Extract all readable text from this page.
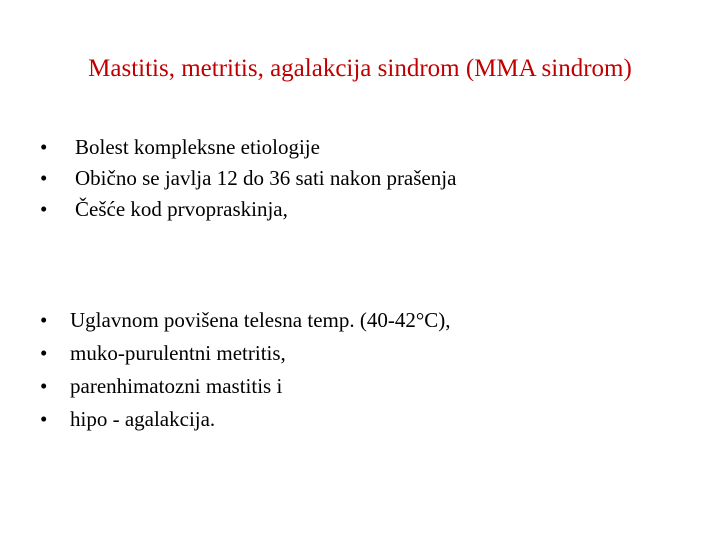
Mastitis, metritis, agalakcija sindrom (MMA sindrom)
• Bolest kompleksne etiologije
• Obično se javlja 12 do 36 sati nakon prašenja
• Češće kod prvopraskinja,
• Uglavnom povišena telesna temp. (40-42°C),
• muko-purulentni metritis,
• parenhimatozni mastitis i
• hipo - agalakcija.
